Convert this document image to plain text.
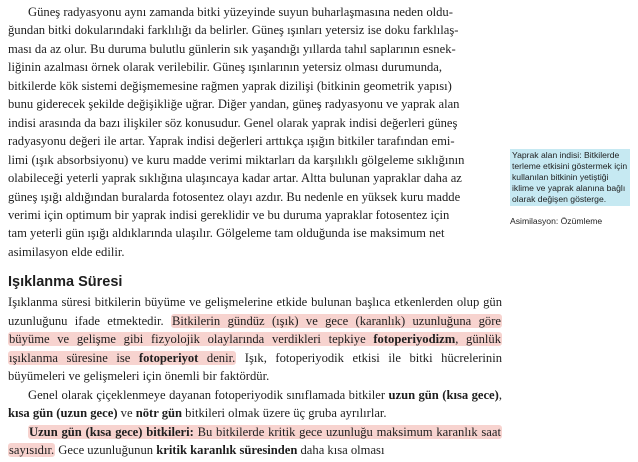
Güneş radyasyonu aynı zamanda bitki yüzeyinde suyun buharlaşmasına neden oldu-
ğundan bitki dokularındaki farklılığı da belirler. Güneş ışınları yetersiz ise doku farklılaş-
ması da az olur. Bu duruma bulutlu günlerin sık yaşandığı yıllarda tahıl saplarının esnek-
liğinin azalması örnek olarak verilebilir. Güneş ışınlarının yetersiz olması durumunda,
bitkilerde kök sistemi değişmemesine rağmen yaprak dizilişi (bitkinin geometrik yapısı)
bunu giderecek şekilde değişikliğe uğrar. Diğer yandan, güneş radyasyonu ve yaprak alan
indisi arasında da bazı ilişkiler söz konusudur. Genel olarak yaprak indisi değerleri güneş
radyasyonu değeri ile artar. Yaprak indisi değerleri arttıkça ışığın bitkiler tarafından emi-
limi (ışık absorbsiyonu) ve kuru madde verimi miktarları da karşılıklı gölgeleme sıklığının
olabileceği yeterli yaprak sıklığına ulaşıncaya kadar artar. Altta bulunan yapraklar daha az
güneş ışığı aldığından buralarda fotosentez olayı azdır. Bu nedenle en yüksek kuru madde
verimi için optimum bir yaprak indisi gereklidir ve bu duruma yapraklar fotosentez için
tam yeterli gün ışığı aldıklarında ulaşılır. Gölgeleme tam olduğunda ise maksimum net
asimilasyon elde edilir.

Işıklanma Süresi

Işıklanma süresi bitkilerin büyüme ve gelişmelerine etkide bulunan başlıca etkenlerden olup gün uzunluğunu ifade etmektedir. Bitkilerin gündüz (ışık) ve gece (karanlık) uzunluğuna göre büyüme ve gelişme gibi fizyolojik olaylarında verdikleri tepkiye fotoperiyodizm, günlük ışıklanma süresine ise fotoperiyot denir. Işık, fotoperiyodik etkisi ile bitki hücrelerinin büyümeleri ve gelişmeleri için önemli bir faktördür.

Genel olarak çiçeklenmeye dayanan fotoperiyodik sınıflamada bitkiler uzun gün (kısa gece), kısa gün (uzun gece) ve nötr gün bitkileri olmak üzere üç gruba ayrılırlar.

Uzun gün (kısa gece) bitkileri: Bu bitkilerde kritik gece uzunluğu maksimum karanlık saat sayısıdır. Gece uzunluğunun kritik karanlık süresinden daha kısa olması

Yaprak alan indisi: Bitkilerde terleme etkisini göstermek için kullanılan bitkinin yetiştiği iklime ve yaprak alanına bağlı olarak değişen gösterge.

Asimilasyon: Özümleme
